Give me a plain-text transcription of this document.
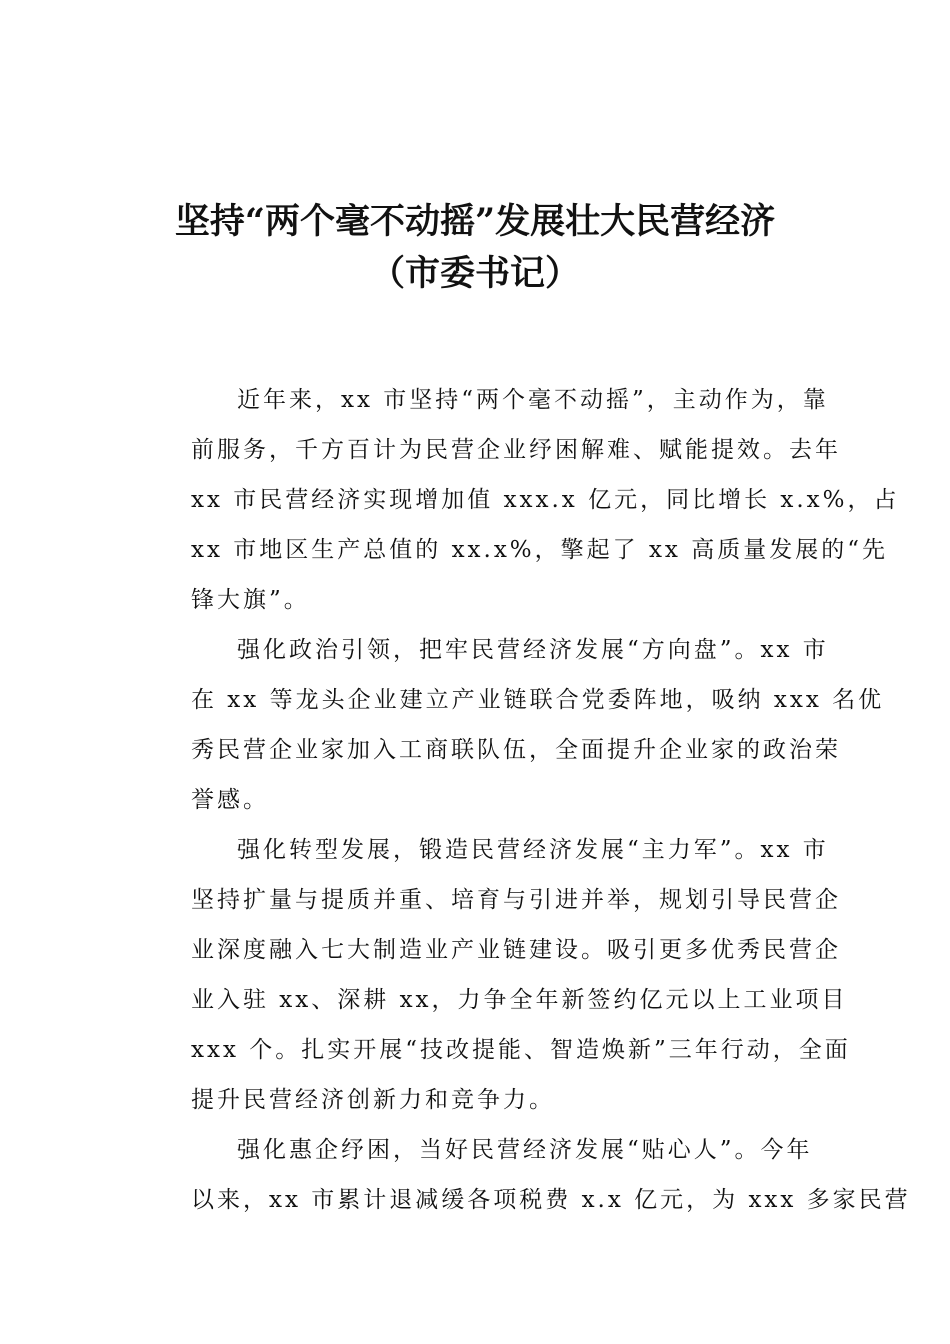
坚持“两个毫不动摇”发展壮大民营经济
（市委书记）
近年来，xx 市坚持“两个毫不动摇”，主动作为，靠
前服务，千方百计为民营企业纾困解难、赋能提效。去年
xx 市民营经济实现增加值 xxx.x 亿元，同比增长 x.x%，占
xx 市地区生产总值的 xx.x%，擎起了 xx 高质量发展的“先
锋大旗”。
强化政治引领，把牢民营经济发展“方向盘”。xx 市
在 xx 等龙头企业建立产业链联合党委阵地，吸纳 xxx 名优
秀民营企业家加入工商联队伍，全面提升企业家的政治荣
誉感。
强化转型发展，锻造民营经济发展“主力军”。xx 市
坚持扩量与提质并重、培育与引进并举，规划引导民营企
业深度融入七大制造业产业链建设。吸引更多优秀民营企
业入驻 xx、深耕 xx，力争全年新签约亿元以上工业项目
xxx 个。扎实开展“技改提能、智造焕新”三年行动，全面
提升民营经济创新力和竞争力。
强化惠企纾困，当好民营经济发展“贴心人”。今年
以来，xx 市累计退减缓各项税费 x.x 亿元，为 xxx 多家民营
